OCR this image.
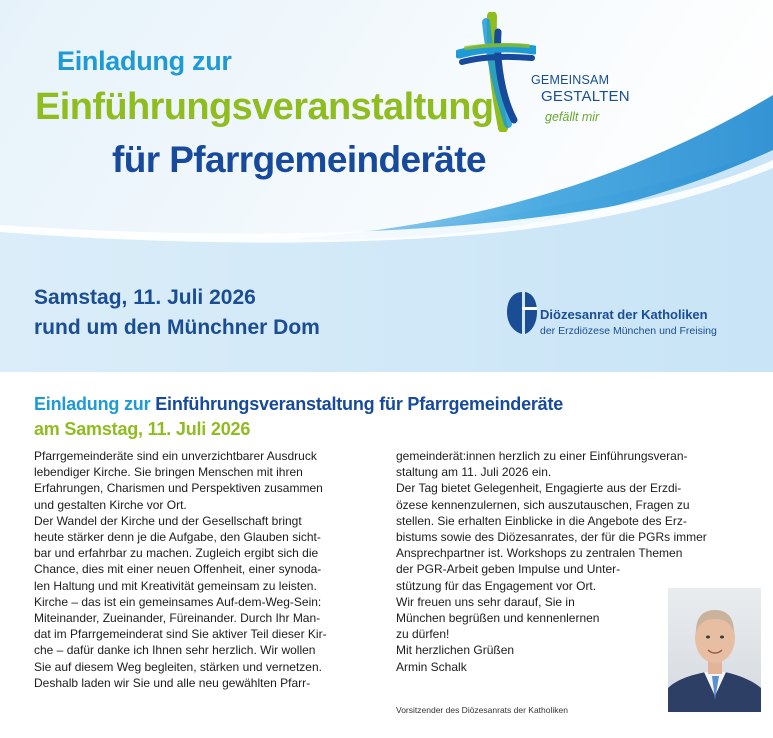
Einladung zur
Einführungsveranstaltung
für Pfarrgemeinderäte
GEMEINSAM
GESTALTEN
gefällt mir
Samstag, 11. Juli 2026
rund um den Münchner Dom
Diözesanrat der Katholiken
der Erzdiözese München und Freising
Einladung zur Einführungsveranstaltung für Pfarrgemeinderäte
am Samstag, 11. Juli 2026
Pfarrgemeinderäte sind ein unverzichtbarer Ausdruck
lebendiger Kirche. Sie bringen Menschen mit ihren
Erfahrungen, Charismen und Perspektiven zusammen
und gestalten Kirche vor Ort.
Der Wandel der Kirche und der Gesellschaft bringt
heute stärker denn je die Aufgabe, den Glauben sicht-
bar und erfahrbar zu machen. Zugleich ergibt sich die
Chance, dies mit einer neuen Offenheit, einer synoda-
len Haltung und mit Kreativität gemeinsam zu leisten.
Kirche – das ist ein gemeinsames Auf-dem-Weg-Sein:
Miteinander, Zueinander, Füreinander. Durch Ihr Man-
dat im Pfarrgemeinderat sind Sie aktiver Teil dieser Kir-
che – dafür danke ich Ihnen sehr herzlich. Wir wollen
Sie auf diesem Weg begleiten, stärken und vernetzen.
Deshalb laden wir Sie und alle neu gewählten Pfarr-
gemeinderät:innen herzlich zu einer Einführungsveran-
staltung am 11. Juli 2026 ein.
Der Tag bietet Gelegenheit, Engagierte aus der Erzdi-
özese kennenzulernen, sich auszutauschen, Fragen zu
stellen. Sie erhalten Einblicke in die Angebote des Erz-
bistums sowie des Diözesanrates, der für die PGRs immer
Ansprechpartner ist. Workshops zu zentralen Themen
der PGR-Arbeit geben Impulse und Unter-
stützung für das Engagement vor Ort.
Wir freuen uns sehr darauf, Sie in
München begrüßen und kennenlernen
zu dürfen!
Mit herzlichen Grüßen
Armin Schalk
Vorsitzender des Diözesanrats der Katholiken
